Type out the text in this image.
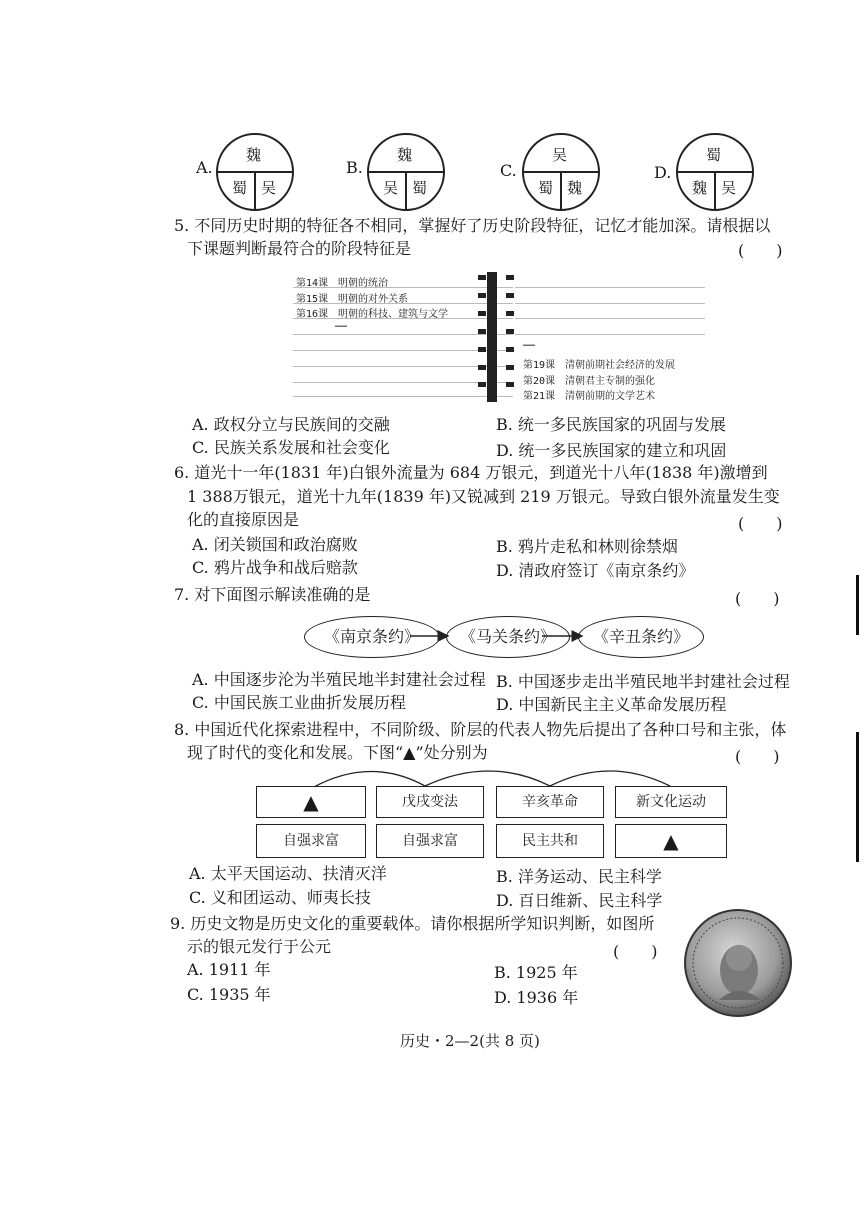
A.
魏
蜀 吴
B.
魏
吴 蜀
C.
吴
蜀 魏
D.
蜀
魏 吴
5. 不同历史时期的特征各不相同，掌握好了历史阶段特征，记忆才能加深。请根据以
下课题判断最符合的阶段特征是	(　　)
第14课　明朝的统治
第15课　明朝的对外关系
第16课　明朝的科技、建筑与文学
……
……
第19课　清朝前期社会经济的发展
第20课　清朝君主专制的强化
第21课　清朝前期的文学艺术
A. 政权分立与民族间的交融	B. 统一多民族国家的巩固与发展
C. 民族关系发展和社会变化	D. 统一多民族国家的建立和巩固
6. 道光十一年(1831 年)白银外流量为 684 万银元，到道光十八年(1838 年)激增到
1 388万银元，道光十九年(1839 年)又锐减到 219 万银元。导致白银外流量发生变
化的直接原因是	(　　)
A. 闭关锁国和政治腐败	B. 鸦片走私和林则徐禁烟
C. 鸦片战争和战后赔款	D. 清政府签订《南京条约》
7. 对下面图示解读准确的是	(　　)
《南京条约》	《马关条约》	《辛丑条约》
A. 中国逐步沦为半殖民地半封建社会过程 B. 中国逐步走出半殖民地半封建社会过程
C. 中国民族工业曲折发展历程	D. 中国新民主主义革命发展历程
8. 中国近代化探索进程中，不同阶级、阶层的代表人物先后提出了各种口号和主张，体
现了时代的变化和发展。下图“▲”处分别为	(　　)
▲	戊戌变法	辛亥革命	新文化运动
自强求富	自强求富	民主共和	▲
A. 太平天国运动、扶清灭洋	B. 洋务运动、民主科学
C. 义和团运动、师夷长技	D. 百日维新、民主科学
9. 历史文物是历史文化的重要载体。请你根据所学知识判断，如图所
示的银元发行于公元	(　　)
A. 1911 年	B. 1925 年
C. 1935 年	D. 1936 年
历史・2—2(共 8 页)
